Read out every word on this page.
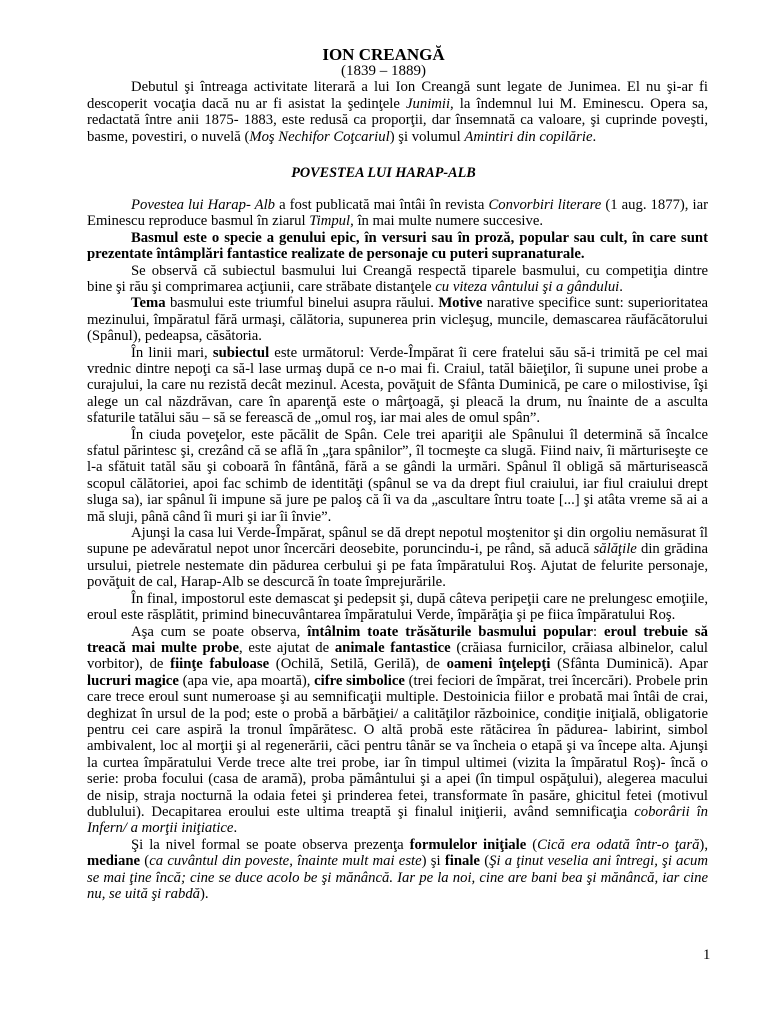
ION CREANGĂ
(1839 – 1889)

Debutul şi întreaga activitate literară a lui Ion Creangă sunt legate de Junimea. El nu şi-ar fi descoperit vocaţia dacă nu ar fi asistat la şedinţele Junimii, la îndemnul lui M. Eminescu. Opera sa, redactată între anii 1875- 1883, este redusă ca proporţii, dar însemnată ca valoare, şi cuprinde poveşti, basme, povestiri, o nuvelă (Moş Nechifor Coţcariul) şi volumul Amintiri din copilărie.

POVESTEA LUI HARAP-ALB

Povestea lui Harap- Alb a fost publicată mai întâi în revista Convorbiri literare (1 aug. 1877), iar Eminescu reproduce basmul în ziarul Timpul, în mai multe numere succesive.

Basmul este o specie a genului epic, în versuri sau în proză, popular sau cult, în care sunt prezentate întâmplări fantastice realizate de personaje cu puteri supranaturale.

Se observă că subiectul basmului lui Creangă respectă tiparele basmului, cu competiţia dintre bine şi rău şi comprimarea acţiunii, care străbate distanţele cu viteza vântului şi a gândului.

Tema basmului este triumful binelui asupra răului. Motive narative specifice sunt: superioritatea mezinului, împăratul fără urmaşi, călătoria, supunerea prin vicleşug, muncile, demascarea răufăcătorului (Spânul), pedeapsa, căsătoria.

În linii mari, subiectul este următorul: Verde-Împărat îi cere fratelui său să-i trimită pe cel mai vrednic dintre nepoţi ca să-l lase urmaş după ce n-o mai fi. Craiul, tatăl băieţilor, îi supune unei probe a curajului, la care nu rezistă decât mezinul. Acesta, povăţuit de Sfânta Duminică, pe care o milostivise, îşi alege un cal năzdrăvan, care în aparenţă este o mârţoagă, şi pleacă la drum, nu înainte de a asculta sfaturile tatălui său – să se ferească de „omul roş, iar mai ales de omul spân”.

În ciuda poveţelor, este păcălit de Spân. Cele trei apariţii ale Spânului îl determină să încalce sfatul părintesc şi, crezând că se află în „ţara spânilor”, îl tocmeşte ca slugă. Fiind naiv, îi mărturiseşte ce l-a sfătuit tatăl său şi coboară în fântână, fără a se gândi la urmări. Spânul îl obligă să mărturisească scopul călătoriei, apoi fac schimb de identităţi (spânul se va da drept fiul craiului, iar fiul craiului drept sluga sa), iar spânul îi impune să jure pe paloş că îi va da „ascultare întru toate [...] şi atâta vreme să ai a mă sluji, până când îi muri şi iar îi învie”.

Ajunşi la casa lui Verde-Împărat, spânul se dă drept nepotul moştenitor şi din orgoliu nemăsurat îl supune pe adevăratul nepot unor încercări deosebite, poruncindu-i, pe rând, să aducă sălăţile din grădina ursului, pietrele nestemate din pădurea cerbului şi pe fata împăratului Roş. Ajutat de felurite personaje, povăţuit de cal, Harap-Alb se descurcă în toate împrejurările.

În final, impostorul este demascat şi pedepsit şi, după câteva peripeţii care ne prelungesc emoţiile, eroul este răsplătit, primind binecuvântarea împăratului Verde, împărăţia şi pe fiica împăratului Roş.

Aşa cum se poate observa, întâlnim toate trăsăturile basmului popular: eroul trebuie să treacă mai multe probe, este ajutat de animale fantastice (crăiasa furnicilor, crăiasa albinelor, calul vorbitor), de fiinţe fabuloase (Ochilă, Setilă, Gerilă), de oameni înţelepţi (Sfânta Duminică). Apar lucruri magice (apa vie, apa moartă), cifre simbolice (trei feciori de împărat, trei încercări). Probele prin care trece eroul sunt numeroase şi au semnificaţii multiple. Destoinicia fiilor e probată mai întâi de crai, deghizat în ursul de la pod; este o probă a bărbăţiei/ a calităţilor războinice, condiţie iniţială, obligatorie pentru cei care aspiră la tronul împărătesc. O altă probă este rătăcirea în pădurea- labirint, simbol ambivalent, loc al morţii şi al regenerării, căci pentru tânăr se va încheia o etapă şi va începe alta. Ajunşi la curtea împăratului Verde trece alte trei probe, iar în timpul ultimei (vizita la împăratul Roş)- încă o serie: proba focului (casa de aramă), proba pământului şi a apei (în timpul ospăţului), alegerea macului de nisip, straja nocturnă la odaia fetei şi prinderea fetei, transformate în pasăre, ghicitul fetei (motivul dublului). Decapitarea eroului este ultima treaptă şi finalul iniţierii, având semnificaţia coborârii în Infern/ a morţii iniţiatice.

Şi la nivel formal se poate observa prezenţa formulelor iniţiale (Cică era odată într-o ţară), mediane (ca cuvântul din poveste, înainte mult mai este) şi finale (Şi a ţinut veselia ani întregi, şi acum se mai ţine încă; cine se duce acolo be şi mănâncă. Iar pe la noi, cine are bani bea şi mănâncă, iar cine nu, se uită şi rabdă).

1
